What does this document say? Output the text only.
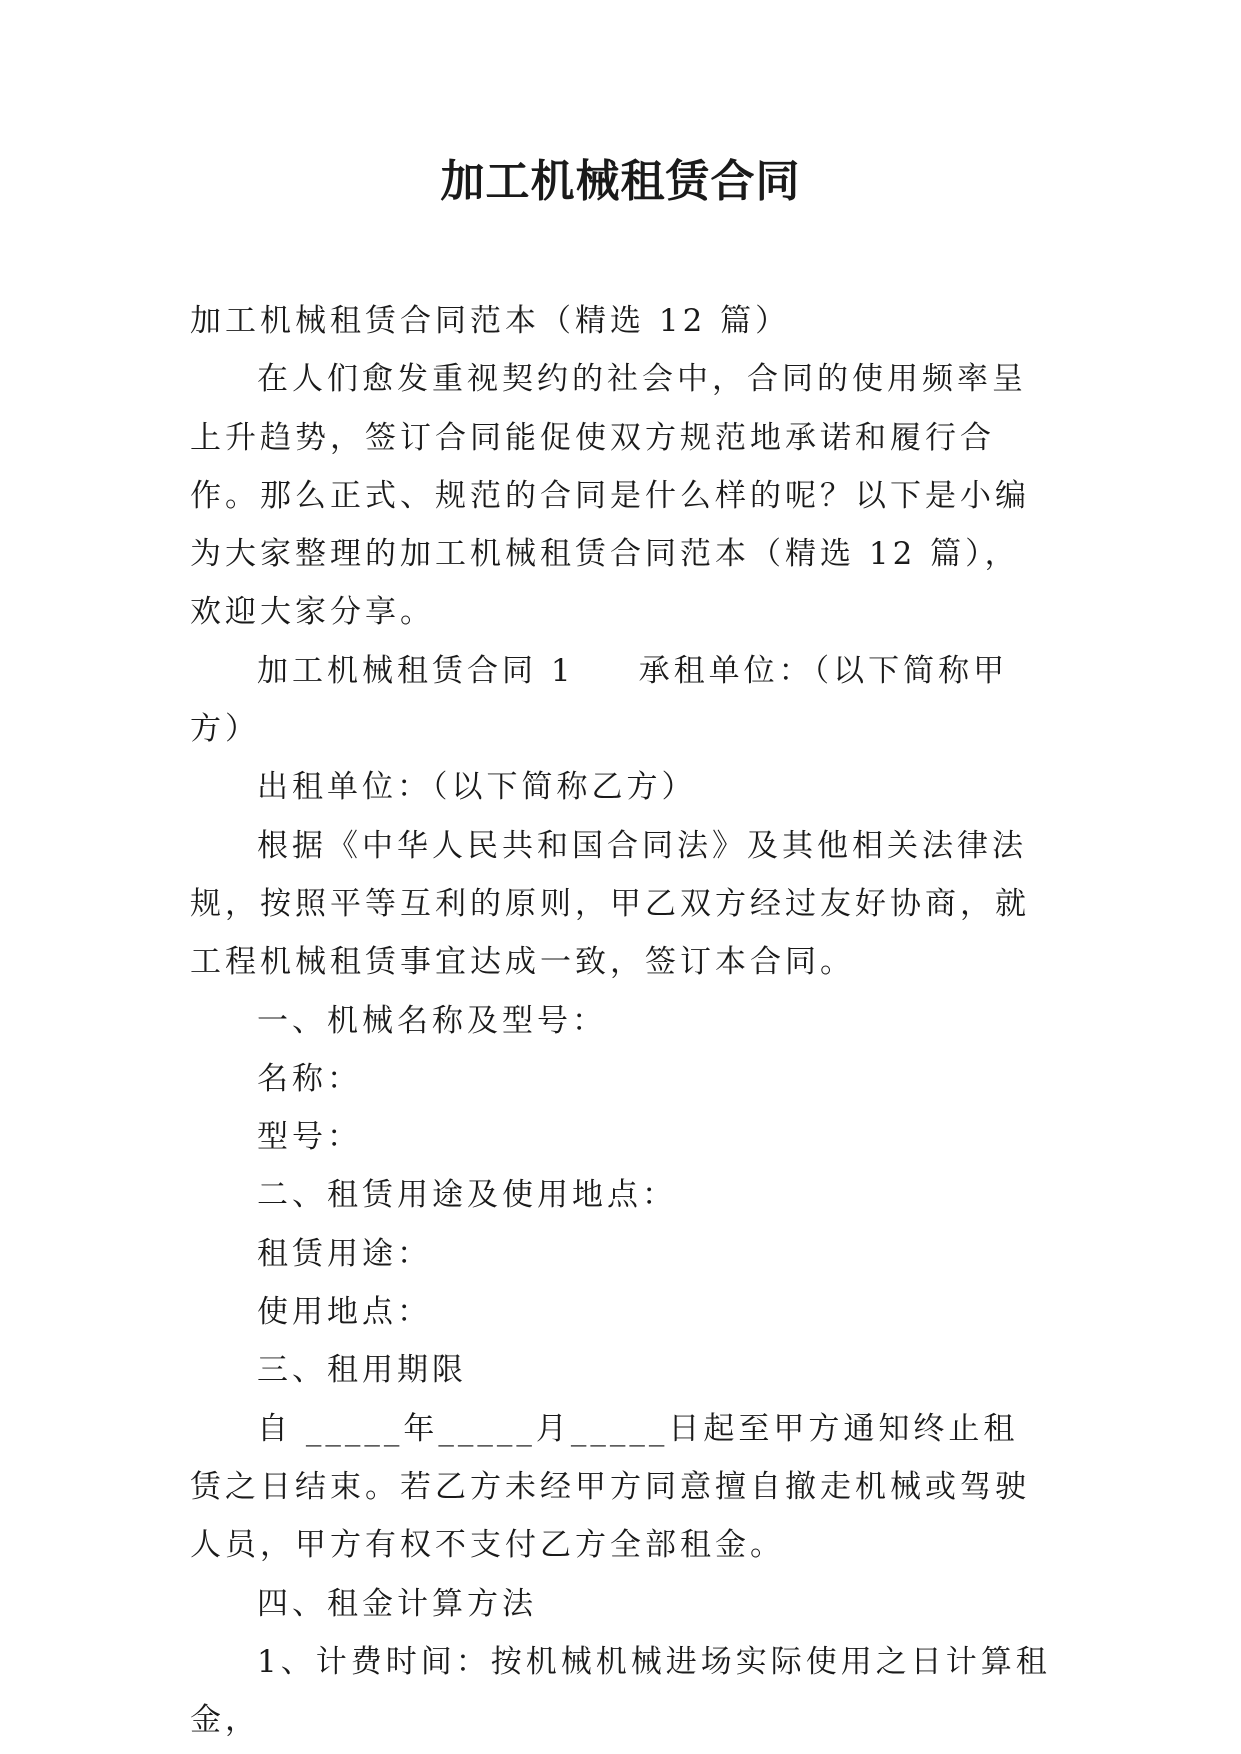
加工机械租赁合同

加工机械租赁合同范本（精选 12 篇）

在人们愈发重视契约的社会中，合同的使用频率呈上升趋势，签订合同能促使双方规范地承诺和履行合作。那么正式、规范的合同是什么样的呢？以下是小编为大家整理的加工机械租赁合同范本（精选 12 篇），欢迎大家分享。

加工机械租赁合同 1 承租单位：（以下简称甲方）

出租单位：（以下简称乙方）

根据《中华人民共和国合同法》及其他相关法律法规，按照平等互利的原则，甲乙双方经过友好协商，就工程机械租赁事宜达成一致，签订本合同。

一、机械名称及型号：

名称：

型号：

二、租赁用途及使用地点：

租赁用途：

使用地点：

三、租用期限

自 _____年_____月_____日起至甲方通知终止租赁之日结束。若乙方未经甲方同意擅自撤走机械或驾驶人员，甲方有权不支付乙方全部租金。

四、租金计算方法

1、计费时间：按机械机械进场实际使用之日计算租金，
